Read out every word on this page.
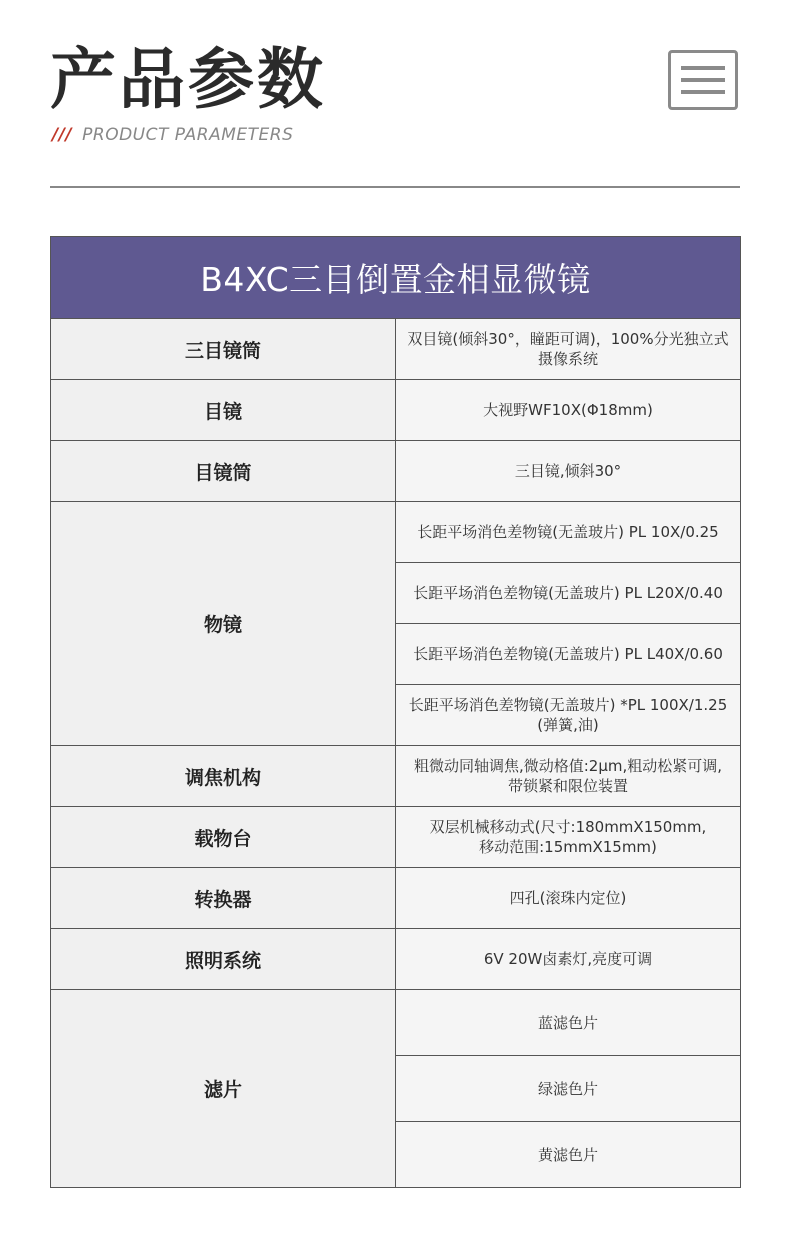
产品参数
/// PRODUCT PARAMETERS
B4XC三目倒置金相显微镜	
三目镜筒	双目镜(倾斜30°，瞳距可调)，100%分光独立式摄像系统
目镜	大视野WF10X(Φ18mm)
目镜筒	三目镜,倾斜30°
物镜	长距平场消色差物镜(无盖玻片) PL 10X/0.25
	长距平场消色差物镜(无盖玻片) PL L20X/0.40
	长距平场消色差物镜(无盖玻片) PL L40X/0.60
	长距平场消色差物镜(无盖玻片) *PL 100X/1.25 (弹簧,油)
调焦机构	粗微动同轴调焦,微动格值:2μm,粗动松紧可调,
带锁紧和限位装置
载物台	双层机械移动式(尺寸:180mmX150mm,
移动范围:15mmX15mm)
转换器	四孔(滚珠内定位)
照明系统	6V 20W卤素灯,亮度可调
滤片	蓝滤色片
	绿滤色片
	黄滤色片
